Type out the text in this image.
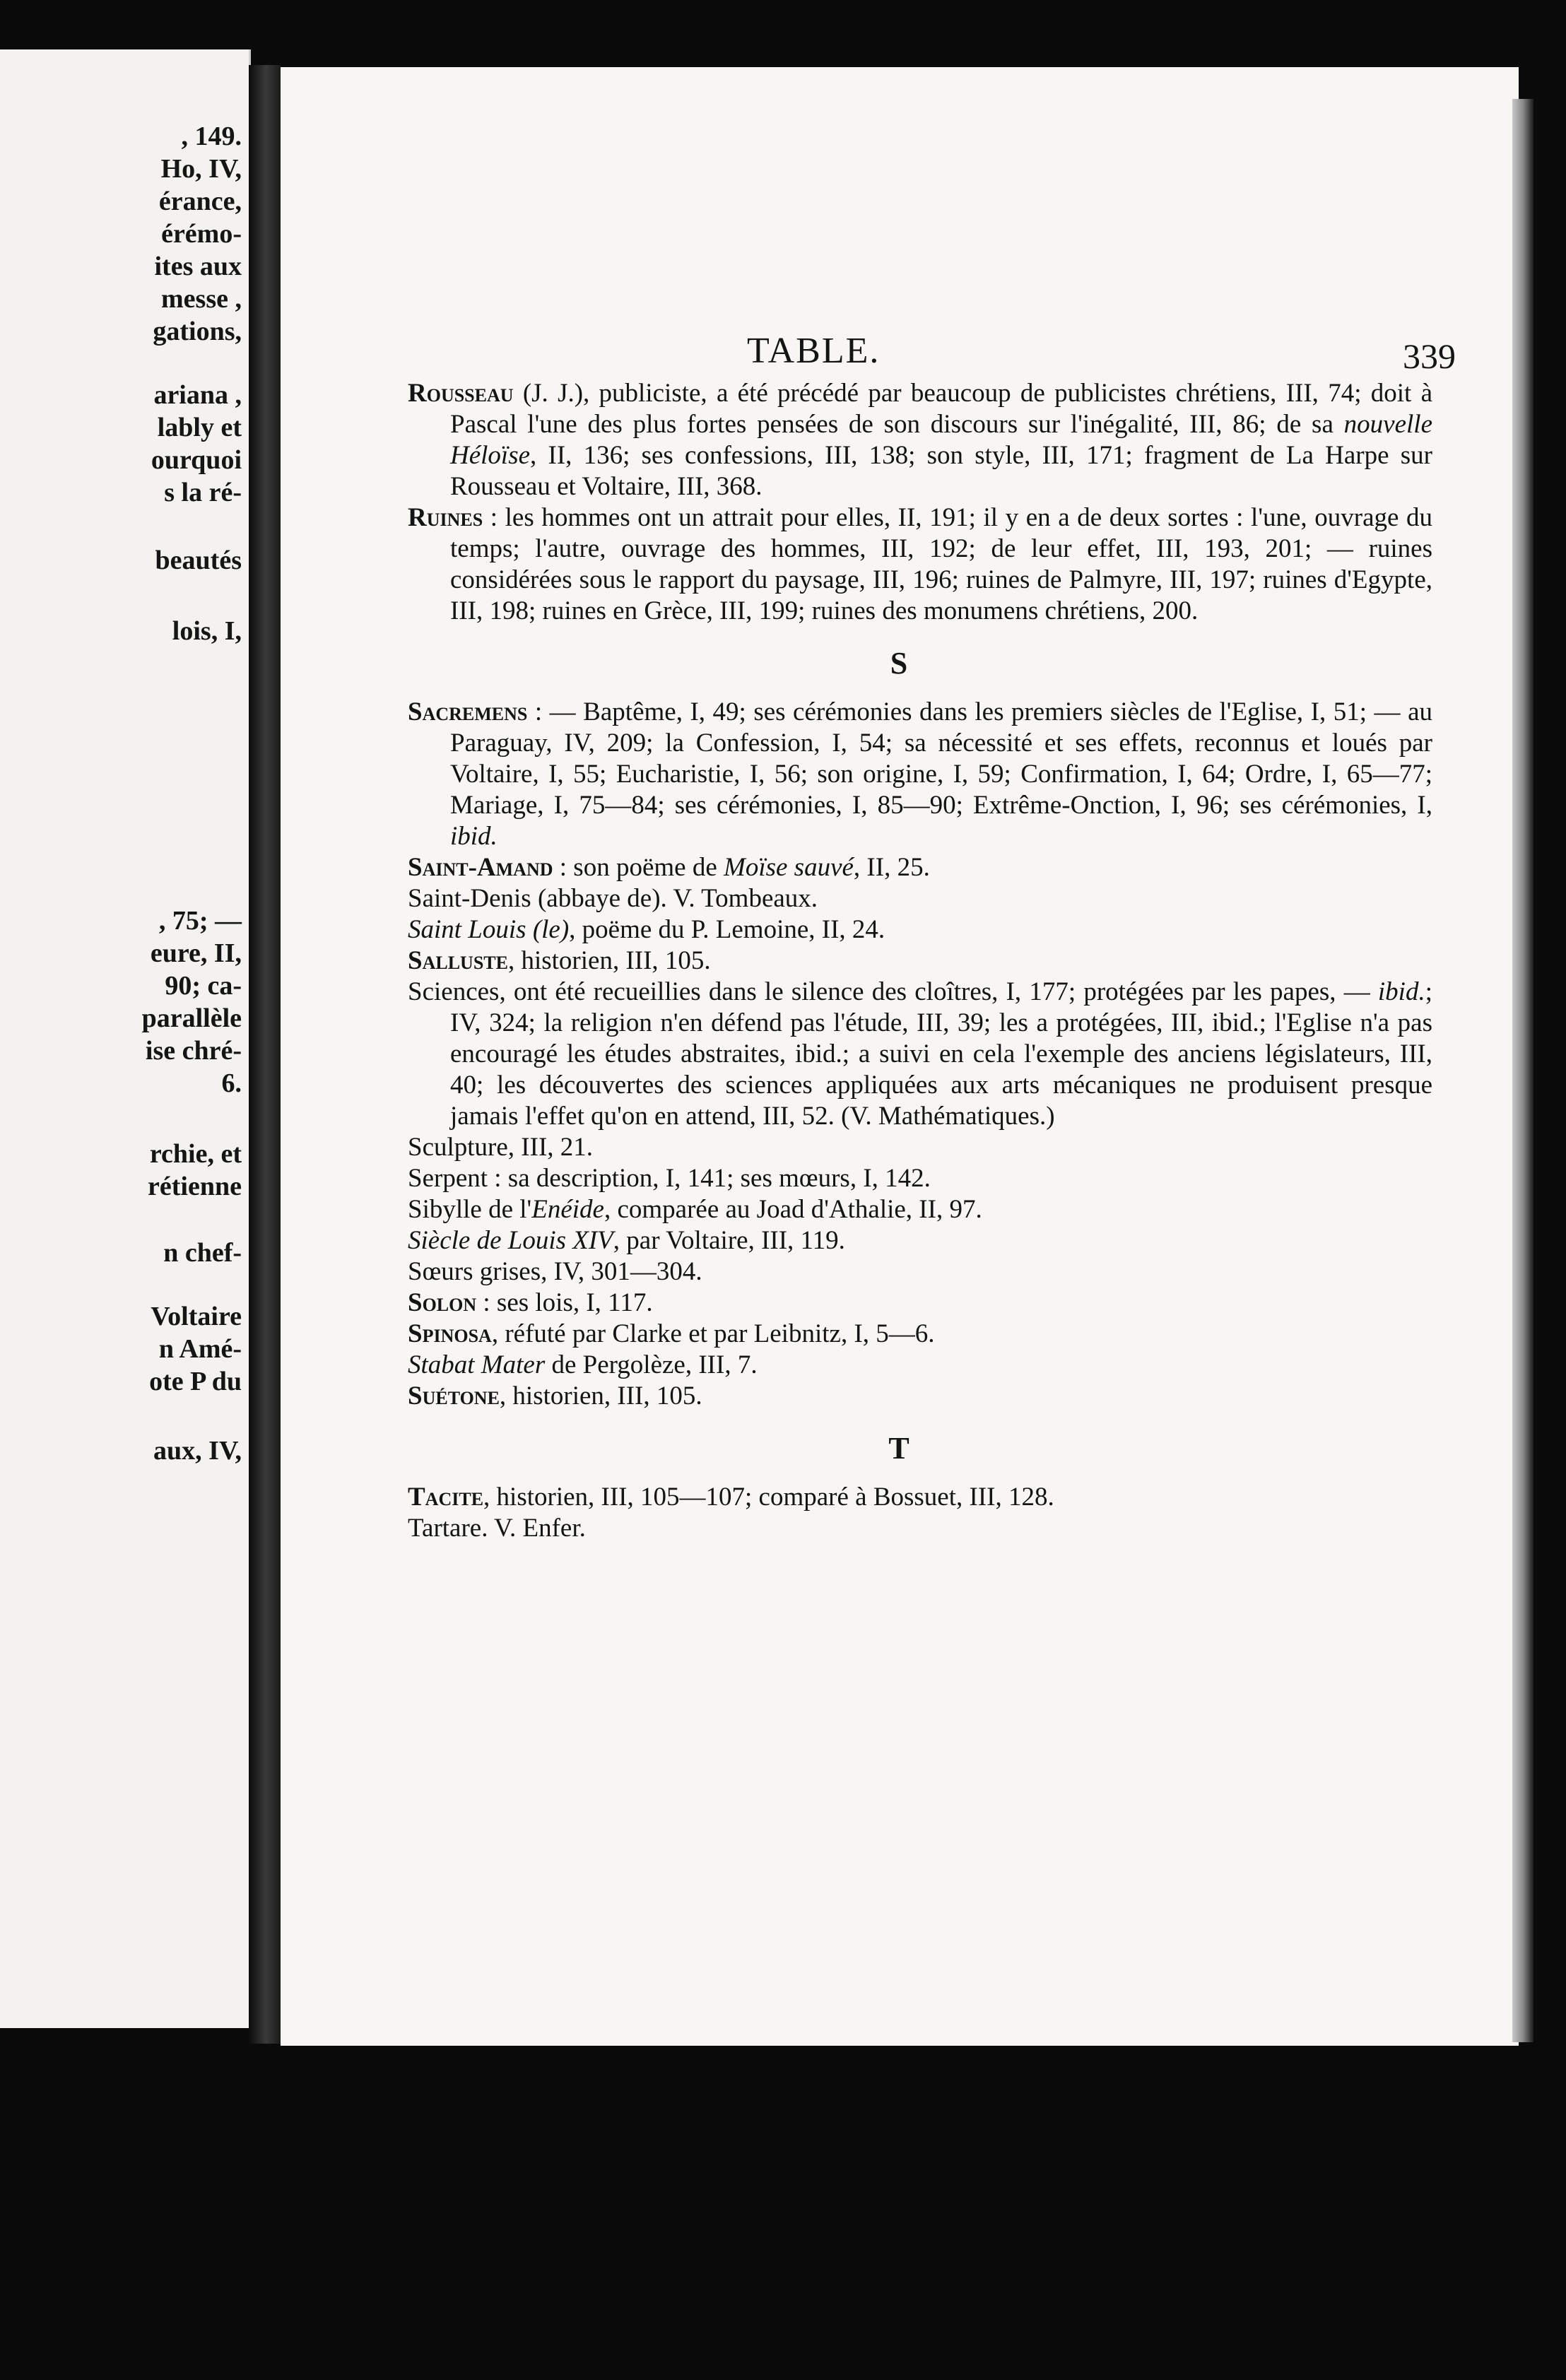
, 149.
Ho, IV,
érance,
érémo-
ites aux
messe ,
gations,
ariana ,
lably et
ourquoi
s la ré-
beautés
lois, I,
, 75; —
eure, II,
90; ca-
parallèle
ise chré-
6.
rchie, et
rétienne
n chef-
Voltaire
n Amé-
ote P du
aux, IV,
TABLE.	339

Rousseau (J. J.), publiciste, a été précédé par beaucoup de publicistes chrétiens, III, 74; doit à Pascal l'une des plus fortes pensées de son discours sur l'inégalité, III, 86; de sa nouvelle Héloïse, II, 136; ses confessions, III, 138; son style, III, 171; fragment de La Harpe sur Rousseau et Voltaire, III, 368.

Ruines : les hommes ont un attrait pour elles, II, 191; il y en a de deux sortes : l'une, ouvrage du temps; l'autre, ouvrage des hommes, III, 192; de leur effet, III, 193, 201; — ruines considérées sous le rapport du paysage, III, 196; ruines de Palmyre, III, 197; ruines d'Egypte, III, 198; ruines en Grèce, III, 199; ruines des monumens chrétiens, 200.

S

Sacremens : — Baptême, I, 49; ses cérémonies dans les premiers siècles de l'Eglise, I, 51; — au Paraguay, IV, 209; la Confession, I, 54; sa nécessité et ses effets, reconnus et loués par Voltaire, I, 55; Eucharistie, I, 56; son origine, I, 59; Confirmation, I, 64; Ordre, I, 65—77; Mariage, I, 75—84; ses cérémonies, I, 85—90; Extrême-Onction, I, 96; ses cérémonies, I, ibid.

Saint-Amand : son poëme de Moïse sauvé, II, 25.

Saint-Denis (abbaye de). V. Tombeaux.

Saint Louis (le), poëme du P. Lemoine, II, 24.

Salluste, historien, III, 105.

Sciences, ont été recueillies dans le silence des cloîtres, I, 177; protégées par les papes, — ibid.; IV, 324; la religion n'en défend pas l'étude, III, 39; les a protégées, III, ibid.; l'Eglise n'a pas encouragé les études abstraites, ibid.; a suivi en cela l'exemple des anciens législateurs, III, 40; les découvertes des sciences appliquées aux arts mécaniques ne produisent presque jamais l'effet qu'on en attend, III, 52. (V. Mathématiques.)

Sculpture, III, 21.

Serpent : sa description, I, 141; ses mœurs, I, 142.

Sibylle de l'Enéide, comparée au Joad d'Athalie, II, 97.

Siècle de Louis XIV, par Voltaire, III, 119.

Sœurs grises, IV, 301—304.

Solon : ses lois, I, 117.

Spinosa, réfuté par Clarke et par Leibnitz, I, 5—6.

Stabat Mater de Pergolèze, III, 7.

Suétone, historien, III, 105.

T

Tacite, historien, III, 105—107; comparé à Bossuet, III, 128.

Tartare. V. Enfer.
